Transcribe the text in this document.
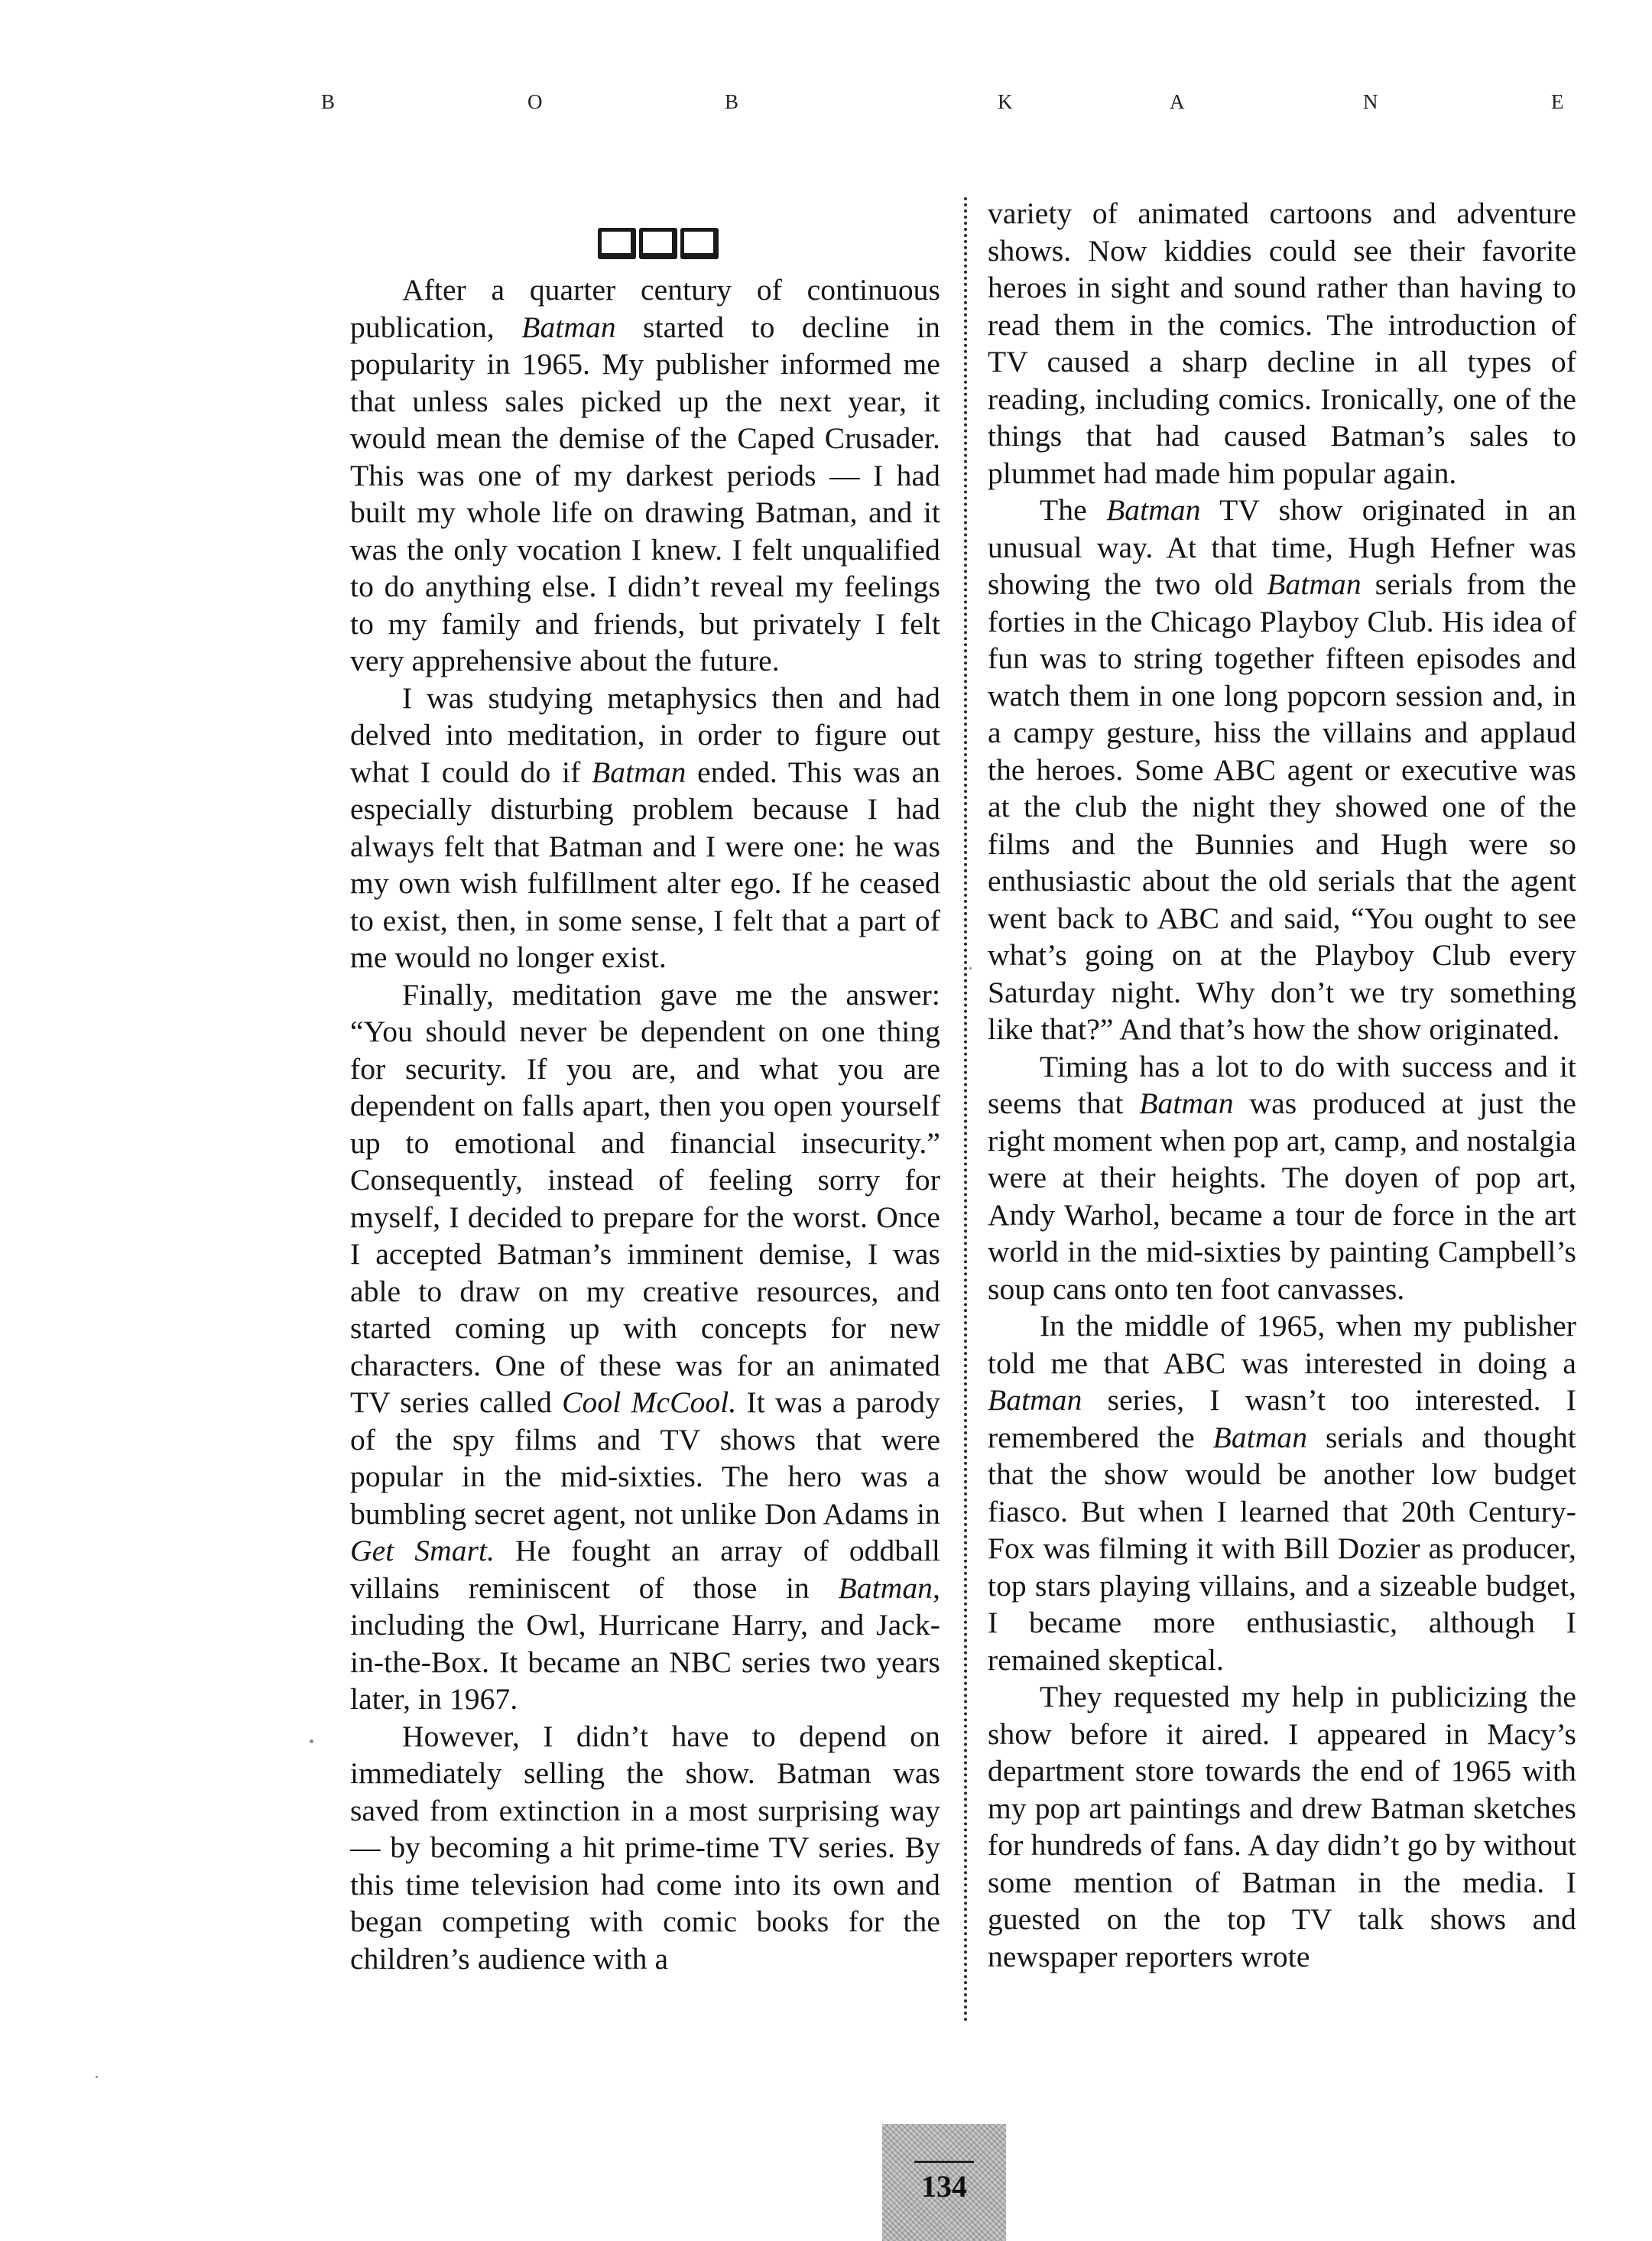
B	O	B	K	A	N	E

After a quarter century of continuous publication, Batman started to decline in popularity in 1965. My publisher informed me that unless sales picked up the next year, it would mean the demise of the Caped Crusader. This was one of my darkest periods — I had built my whole life on drawing Batman, and it was the only vocation I knew. I felt unqualified to do anything else. I didn’t reveal my feelings to my family and friends, but privately I felt very apprehensive about the future.

I was studying metaphysics then and had delved into meditation, in order to figure out what I could do if Batman ended. This was an especially disturbing problem because I had always felt that Batman and I were one: he was my own wish fulfillment alter ego. If he ceased to exist, then, in some sense, I felt that a part of me would no longer exist.

Finally, meditation gave me the answer: “You should never be dependent on one thing for security. If you are, and what you are dependent on falls apart, then you open yourself up to emotional and financial insecurity.” Consequently, instead of feeling sorry for myself, I decided to prepare for the worst. Once I accepted Batman’s imminent demise, I was able to draw on my creative resources, and started coming up with concepts for new characters. One of these was for an animated TV series called Cool McCool. It was a parody of the spy films and TV shows that were popular in the mid-sixties. The hero was a bumbling secret agent, not unlike Don Adams in Get Smart. He fought an array of oddball villains reminiscent of those in Batman, including the Owl, Hurricane Harry, and Jack-in-the-Box. It became an NBC series two years later, in 1967.

However, I didn’t have to depend on immediately selling the show. Batman was saved from extinction in a most surprising way — by becoming a hit prime-time TV series. By this time television had come into its own and began competing with comic books for the children’s audience with a

variety of animated cartoons and adventure shows. Now kiddies could see their favorite heroes in sight and sound rather than having to read them in the comics. The introduction of TV caused a sharp decline in all types of reading, including comics. Ironically, one of the things that had caused Batman’s sales to plummet had made him popular again.

The Batman TV show originated in an unusual way. At that time, Hugh Hefner was showing the two old Batman serials from the forties in the Chicago Playboy Club. His idea of fun was to string together fifteen episodes and watch them in one long popcorn session and, in a campy gesture, hiss the villains and applaud the heroes. Some ABC agent or executive was at the club the night they showed one of the films and the Bunnies and Hugh were so enthusiastic about the old serials that the agent went back to ABC and said, “You ought to see what’s going on at the Playboy Club every Saturday night. Why don’t we try something like that?” And that’s how the show originated.

Timing has a lot to do with success and it seems that Batman was produced at just the right moment when pop art, camp, and nostalgia were at their heights. The doyen of pop art, Andy Warhol, became a tour de force in the art world in the mid-sixties by painting Campbell’s soup cans onto ten foot canvasses.

In the middle of 1965, when my publisher told me that ABC was interested in doing a Batman series, I wasn’t too interested. I remembered the Batman serials and thought that the show would be another low budget fiasco. But when I learned that 20th Century-Fox was filming it with Bill Dozier as producer, top stars playing villains, and a sizeable budget, I became more enthusiastic, although I remained skeptical.

They requested my help in publicizing the show before it aired. I appeared in Macy’s department store towards the end of 1965 with my pop art paintings and drew Batman sketches for hundreds of fans. A day didn’t go by without some mention of Batman in the media. I guested on the top TV talk shows and newspaper reporters wrote

134
